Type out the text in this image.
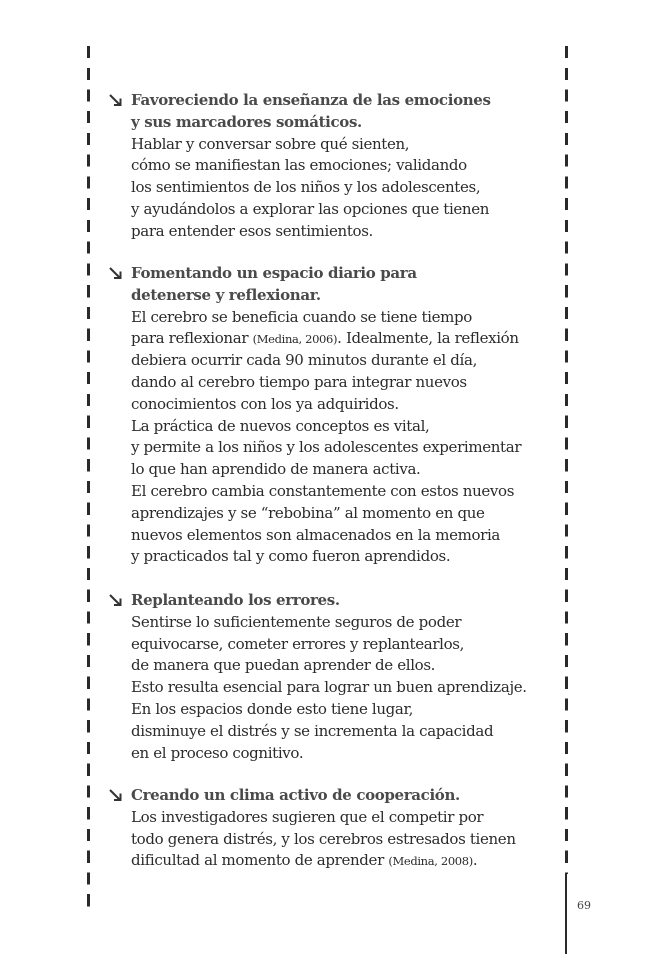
69
Favoreciendo la enseñanza de las emociones
y sus marcadores somáticos.
Hablar y conversar sobre qué sienten,
cómo se manifiestan las emociones; validando
los sentimientos de los niños y los adolescentes,
y ayudándolos a explorar las opciones que tienen
para entender esos sentimientos.
Fomentando un espacio diario para
detenerse y reflexionar.
El cerebro se beneficia cuando se tiene tiempo
para reflexionar (Medina, 2006). Idealmente, la reflexión
debiera ocurrir cada 90 minutos durante el día,
dando al cerebro tiempo para integrar nuevos
conocimientos con los ya adquiridos.
La práctica de nuevos conceptos es vital,
y permite a los niños y los adolescentes experimentar
lo que han aprendido de manera activa.
El cerebro cambia constantemente con estos nuevos
aprendizajes y se “rebobina” al momento en que
nuevos elementos son almacenados en la memoria
y practicados tal y como fueron aprendidos.
Replanteando los errores.
Sentirse lo suficientemente seguros de poder
equivocarse, cometer errores y replantearlos,
de manera que puedan aprender de ellos.
Esto resulta esencial para lograr un buen aprendizaje.
En los espacios donde esto tiene lugar,
disminuye el distrés y se incrementa la capacidad
en el proceso cognitivo.
Creando un clima activo de cooperación.
Los investigadores sugieren que el competir por
todo genera distrés, y los cerebros estresados tienen
dificultad al momento de aprender (Medina, 2008).
